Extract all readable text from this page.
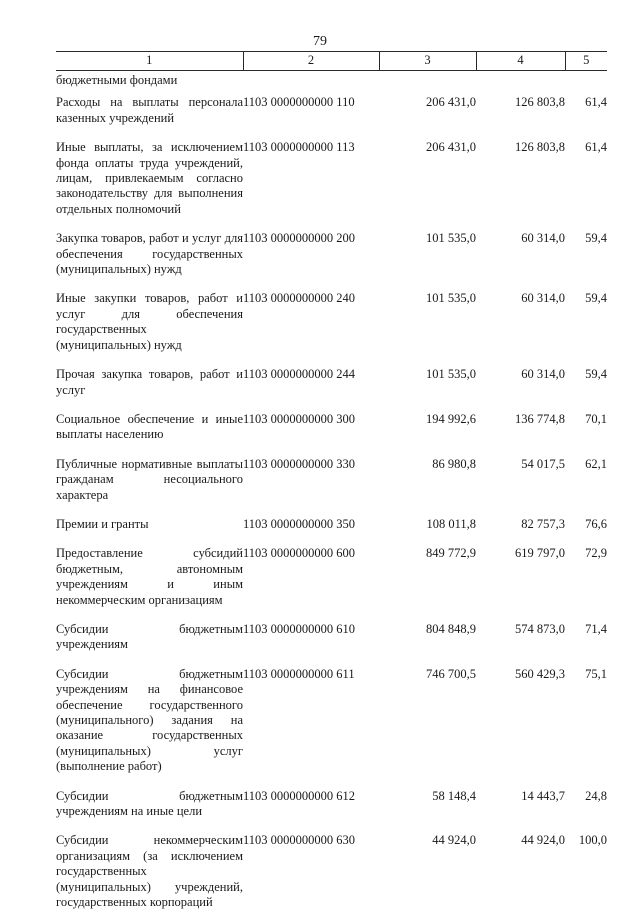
79
1	2	3	4	5
бюджетными фондами				
Расходы на выплаты персонала казенных учреждений	1103 0000000000 110	206 431,0	126 803,8	61,4
Иные выплаты, за исключением фонда оплаты труда учреждений, лицам, привлекаемым согласно законодательству для выполнения отдельных полномочий	1103 0000000000 113	206 431,0	126 803,8	61,4
Закупка товаров, работ и услуг для обеспечения государственных (муниципальных) нужд	1103 0000000000 200	101 535,0	60 314,0	59,4
Иные закупки товаров, работ и услуг для обеспечения государственных (муниципальных) нужд	1103 0000000000 240	101 535,0	60 314,0	59,4
Прочая закупка товаров, работ и услуг	1103 0000000000 244	101 535,0	60 314,0	59,4
Социальное обеспечение и иные выплаты населению	1103 0000000000 300	194 992,6	136 774,8	70,1
Публичные нормативные выплаты гражданам несоциального характера	1103 0000000000 330	86 980,8	54 017,5	62,1
Премии и гранты	1103 0000000000 350	108 011,8	82 757,3	76,6
Предоставление субсидий бюджетным, автономным учреждениям и иным некоммерческим организациям	1103 0000000000 600	849 772,9	619 797,0	72,9
Субсидии бюджетным учреждениям	1103 0000000000 610	804 848,9	574 873,0	71,4
Субсидии бюджетным учреждениям на финансовое обеспечение государственного (муниципального) задания на оказание государственных (муниципальных) услуг (выполнение работ)	1103 0000000000 611	746 700,5	560 429,3	75,1
Субсидии бюджетным учреждениям на иные цели	1103 0000000000 612	58 148,4	14 443,7	24,8
Субсидии некоммерческим организациям (за исключением государственных (муниципальных) учреждений, государственных корпораций	1103 0000000000 630	44 924,0	44 924,0	100,0
